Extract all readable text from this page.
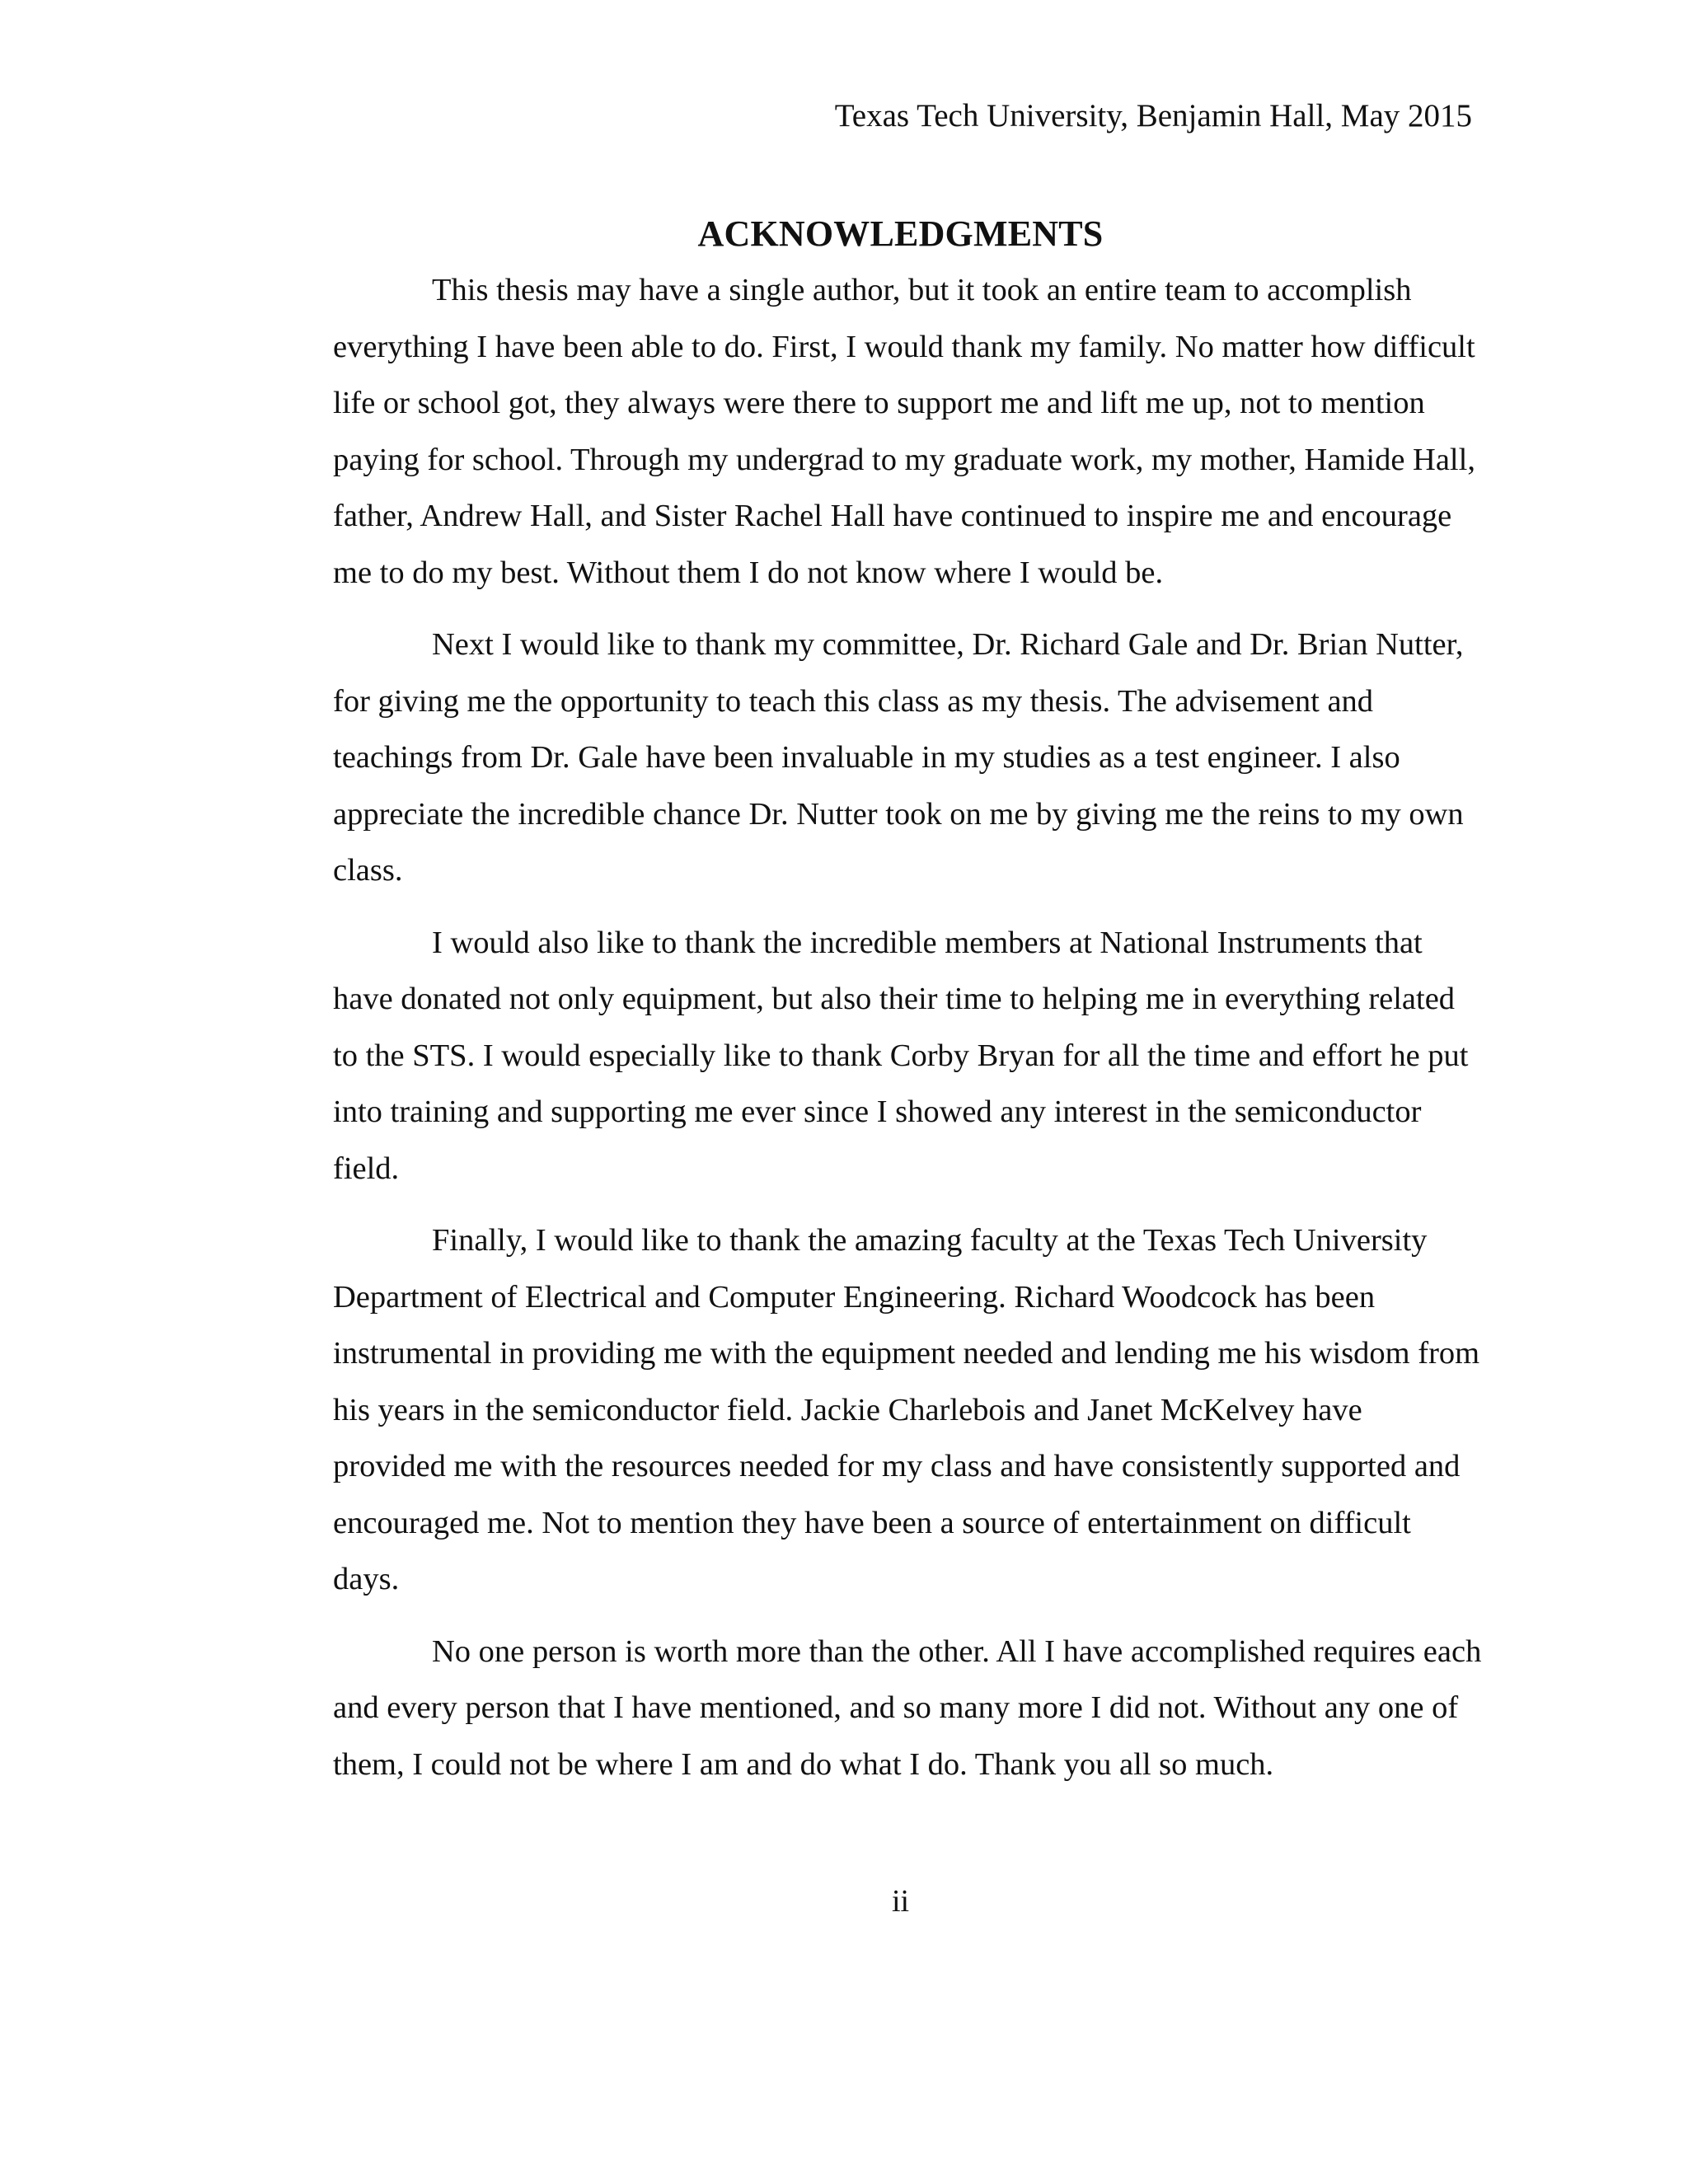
Texas Tech University, Benjamin Hall, May 2015
ACKNOWLEDGMENTS

This thesis may have a single author, but it took an entire team to accomplish everything I have been able to do. First, I would thank my family. No matter how difficult life or school got, they always were there to support me and lift me up, not to mention paying for school. Through my undergrad to my graduate work, my mother, Hamide Hall, father, Andrew Hall, and Sister Rachel Hall have continued to inspire me and encourage me to do my best. Without them I do not know where I would be.

Next I would like to thank my committee, Dr. Richard Gale and Dr. Brian Nutter, for giving me the opportunity to teach this class as my thesis. The advisement and teachings from Dr. Gale have been invaluable in my studies as a test engineer. I also appreciate the incredible chance Dr. Nutter took on me by giving me the reins to my own class.

I would also like to thank the incredible members at National Instruments that have donated not only equipment, but also their time to helping me in everything related to the STS. I would especially like to thank Corby Bryan for all the time and effort he put into training and supporting me ever since I showed any interest in the semiconductor field.

Finally, I would like to thank the amazing faculty at the Texas Tech University Department of Electrical and Computer Engineering. Richard Woodcock has been instrumental in providing me with the equipment needed and lending me his wisdom from his years in the semiconductor field. Jackie Charlebois and Janet McKelvey have provided me with the resources needed for my class and have consistently supported and encouraged me. Not to mention they have been a source of entertainment on difficult days.

No one person is worth more than the other. All I have accomplished requires each and every person that I have mentioned, and so many more I did not. Without any one of them, I could not be where I am and do what I do. Thank you all so much.

ii
